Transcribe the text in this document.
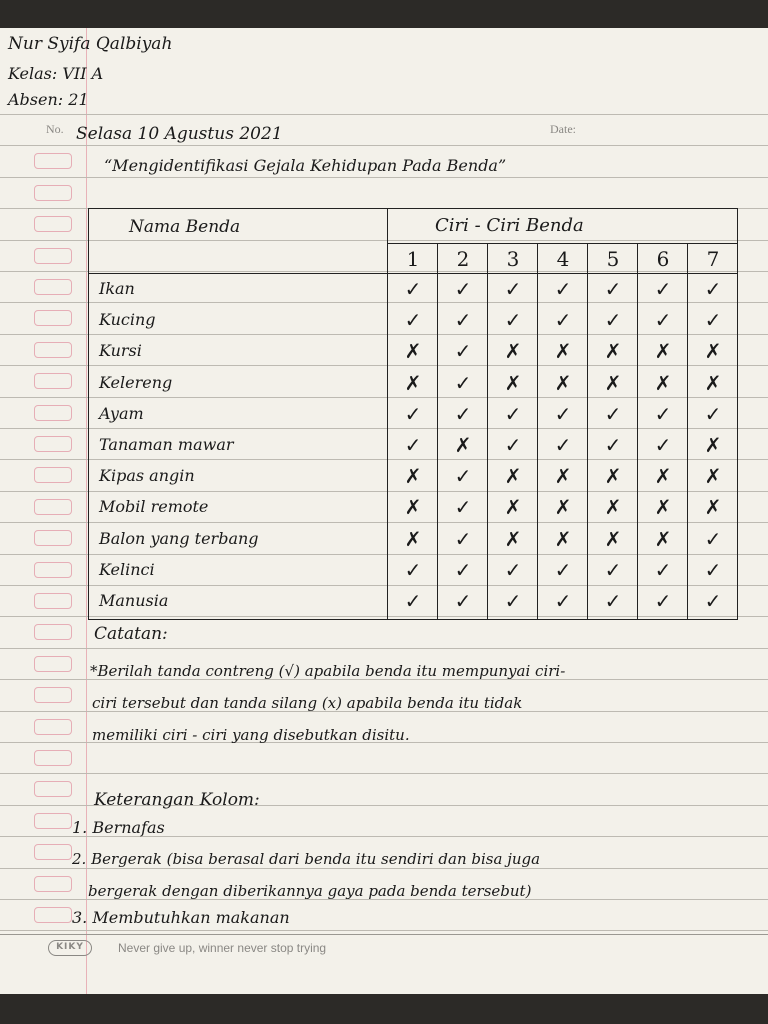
Nur Syifa Qalbiyah
Kelas: VII A
Absen: 21
No.	Date:
Selasa 10 Agustus 2021
“Mengidentifikasi Gejala Kehidupan Pada Benda”
Nama Benda	Ciri - Ciri Benda
1	2	3	4	5	6	7
Ikan	✓	✓	✓	✓	✓	✓	✓
Kucing	✓	✓	✓	✓	✓	✓	✓
Kursi	✗	✓	✗	✗	✗	✗	✗
Kelereng	✗	✓	✗	✗	✗	✗	✗
Ayam	✓	✓	✓	✓	✓	✓	✓
Tanaman mawar	✓	✗	✓	✓	✓	✓	✗
Kipas angin	✗	✓	✗	✗	✗	✗	✗
Mobil remote	✗	✓	✗	✗	✗	✗	✗
Balon yang terbang	✗	✓	✗	✗	✗	✗	✓
Kelinci	✓	✓	✓	✓	✓	✓	✓
Manusia	✓	✓	✓	✓	✓	✓	✓
Catatan:
*Berilah tanda contreng (√) apabila benda itu mempunyai ciri-
ciri tersebut dan tanda silang (x) apabila benda itu tidak
memiliki ciri - ciri yang disebutkan disitu.
Keterangan Kolom:
1. Bernafas
2. Bergerak (bisa berasal dari benda itu sendiri dan bisa juga
bergerak dengan diberikannya gaya pada benda tersebut)
3. Membutuhkan makanan
KIKY	Never give up, winner never stop trying
